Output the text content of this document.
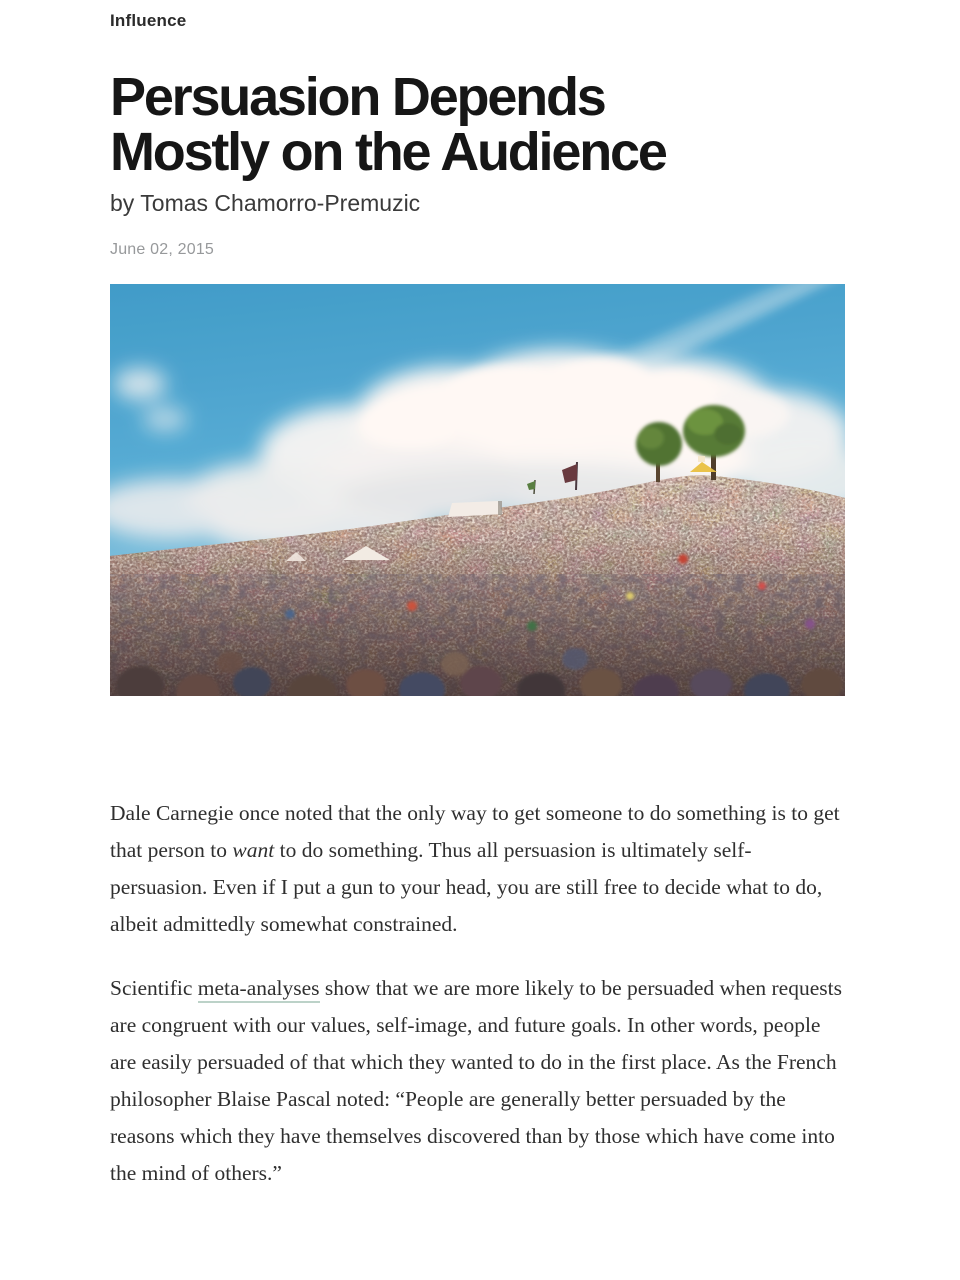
Influence
Persuasion Depends
Mostly on the Audience

by Tomas Chamorro-Premuzic

June 02, 2015

Dale Carnegie once noted that the only way to get someone to do something is to get that person to want to do something. Thus all persuasion is ultimately self-persuasion. Even if I put a gun to your head, you are still free to decide what to do, albeit admittedly somewhat constrained.

Scientific meta-analyses show that we are more likely to be persuaded when requests are congruent with our values, self-image, and future goals. In other words, people are easily persuaded of that which they wanted to do in the first place. As the French philosopher Blaise Pascal noted: “People are generally better persuaded by the reasons which they have themselves discovered than by those which have come into the mind of others.”
